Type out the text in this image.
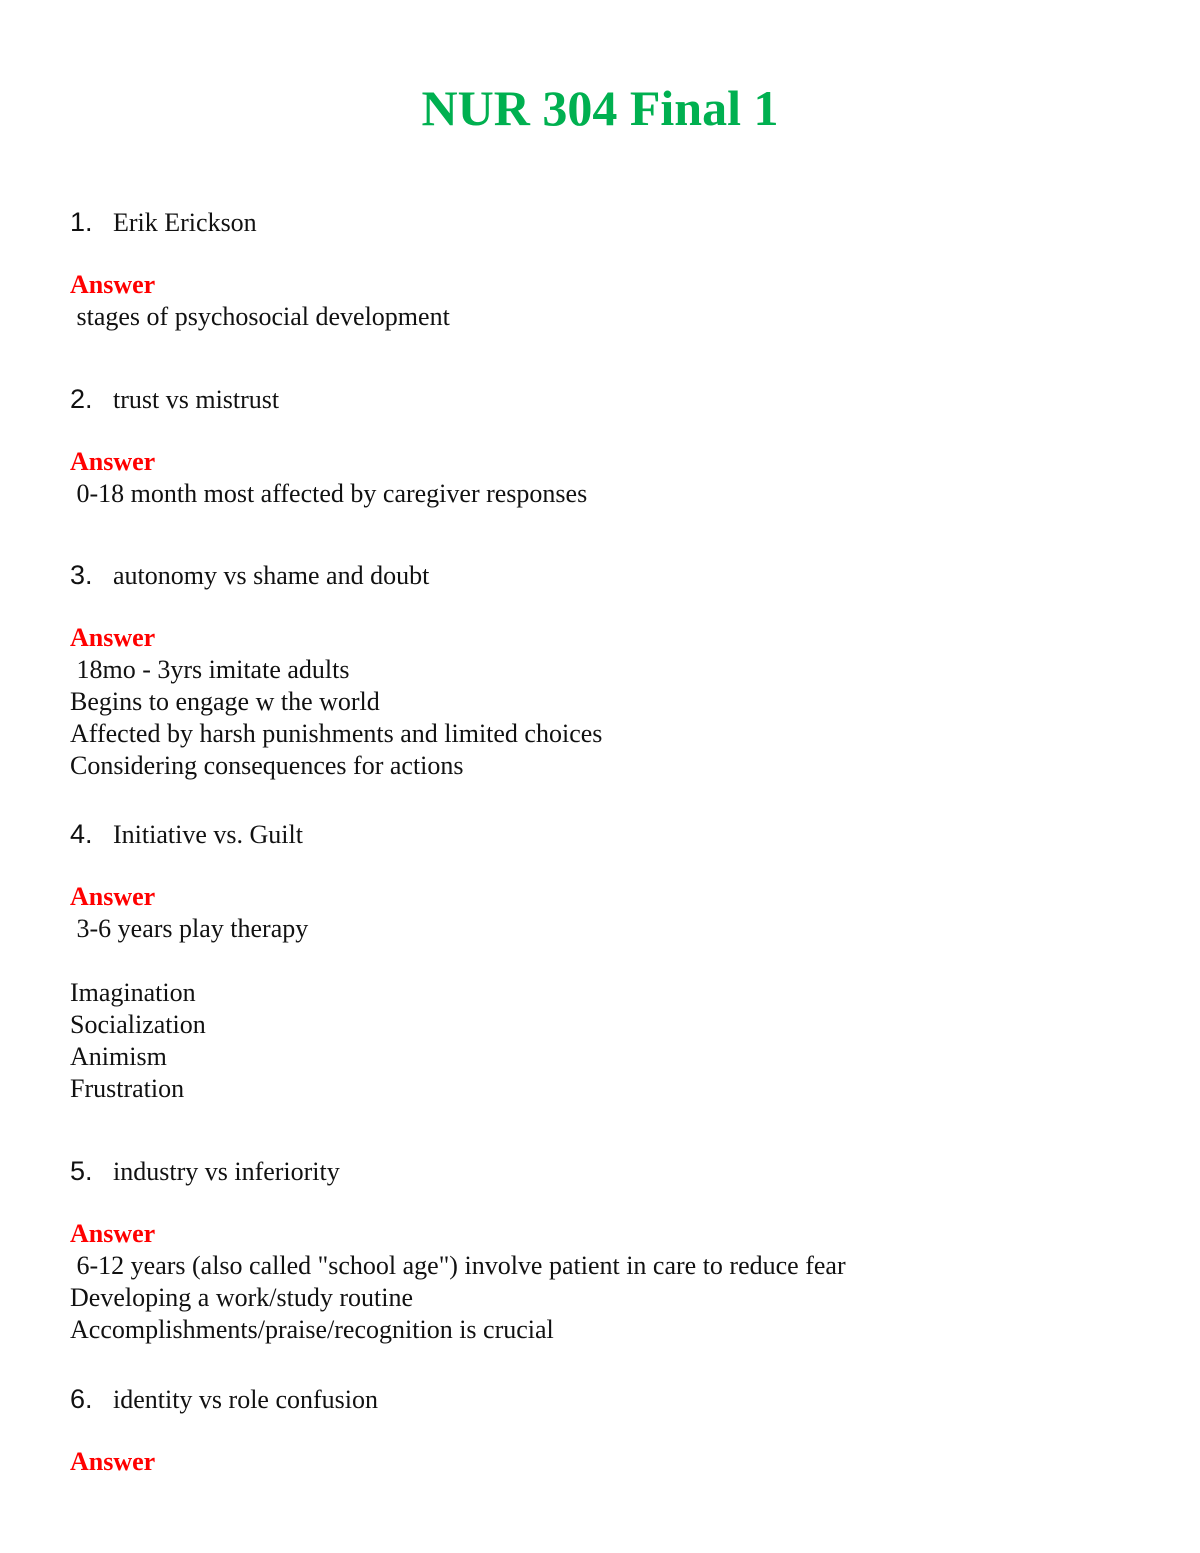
NUR 304 Final 1
1. Erik Erickson
Answer
stages of psychosocial development
2. trust vs mistrust
Answer
0-18 month most affected by caregiver responses
3. autonomy vs shame and doubt
Answer
18mo - 3yrs imitate adults
Begins to engage w the world
Affected by harsh punishments and limited choices
Considering consequences for actions
4. Initiative vs. Guilt
Answer
3-6 years play therapy
Imagination
Socialization
Animism
Frustration
5. industry vs inferiority
Answer
6-12 years (also called "school age") involve patient in care to reduce fear
Developing a work/study routine
Accomplishments/praise/recognition is crucial
6. identity vs role confusion
Answer
